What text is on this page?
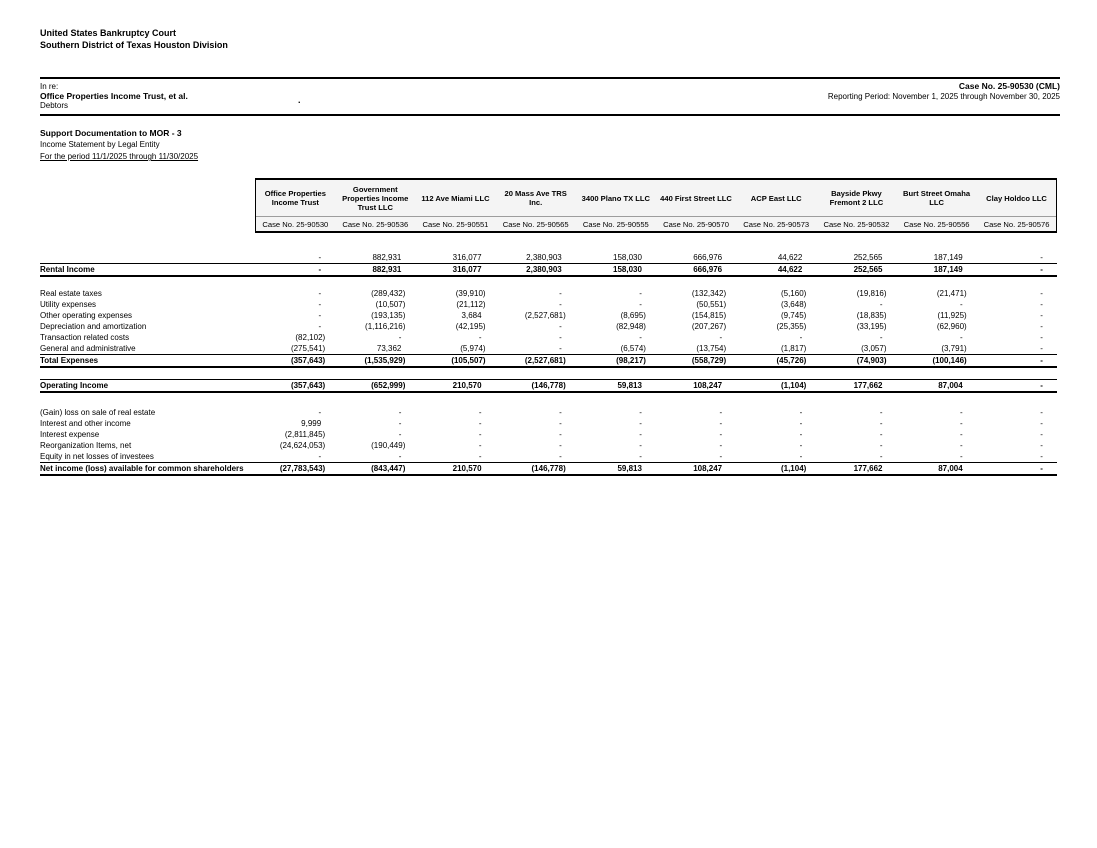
United States Bankruptcy Court
Southern District of Texas Houston Division
In re:
Office Properties Income Trust, et al.
Debtors
.
Case No. 25-90530 (CML)
Reporting Period: November 1, 2025 through November 30, 2025
Support Documentation to MOR - 3
Income Statement by Legal Entity
For the period 11/1/2025 through 11/30/2025
	Office Properties Income Trust	Government Properties Income Trust LLC	112 Ave Miami LLC	20 Mass Ave TRS Inc.	3400 Plano TX LLC	440 First Street LLC	ACP East LLC	Bayside Pkwy Fremont 2 LLC	Burt Street Omaha LLC	Clay Holdco LLC
	Case No. 25-90530	Case No. 25-90536	Case No. 25-90551	Case No. 25-90565	Case No. 25-90555	Case No. 25-90570	Case No. 25-90573	Case No. 25-90532	Case No. 25-90556	Case No. 25-90576

	-	882,931	316,077	2,380,903	158,030	666,976	44,622	252,565	187,149	-
Rental Income	-	882,931	316,077	2,380,903	158,030	666,976	44,622	252,565	187,149	-

Real estate taxes	-	(289,432)	(39,910)	-	-	(132,342)	(5,160)	(19,816)	(21,471)	-
Utility expenses	-	(10,507)	(21,112)	-	-	(50,551)	(3,648)	-	-	-
Other operating expenses	-	(193,135)	3,684	(2,527,681)	(8,695)	(154,815)	(9,745)	(18,835)	(11,925)	-
Depreciation and amortization	-	(1,116,216)	(42,195)	-	(82,948)	(207,267)	(25,355)	(33,195)	(62,960)	-
Transaction related costs	(82,102)	-	-	-	-	-	-	-	-	-
General and administrative	(275,541)	73,362	(5,974)	-	(6,574)	(13,754)	(1,817)	(3,057)	(3,791)	-
Total Expenses	(357,643)	(1,535,929)	(105,507)	(2,527,681)	(98,217)	(558,729)	(45,726)	(74,903)	(100,146)	-

Operating Income	(357,643)	(652,999)	210,570	(146,778)	59,813	108,247	(1,104)	177,662	87,004	-

(Gain) loss on sale of real estate	-	-	-	-	-	-	-	-	-	-
Interest and other income	9,999	-	-	-	-	-	-	-	-	-
Interest expense	(2,811,845)	-	-	-	-	-	-	-	-	-
Reorganization Items, net	(24,624,053)	(190,449)	-	-	-	-	-	-	-	-
Equity in net losses of investees	-	-	-	-	-	-	-	-	-	-
Net income (loss) available for common shareholders	(27,783,543)	(843,447)	210,570	(146,778)	59,813	108,247	(1,104)	177,662	87,004	-
